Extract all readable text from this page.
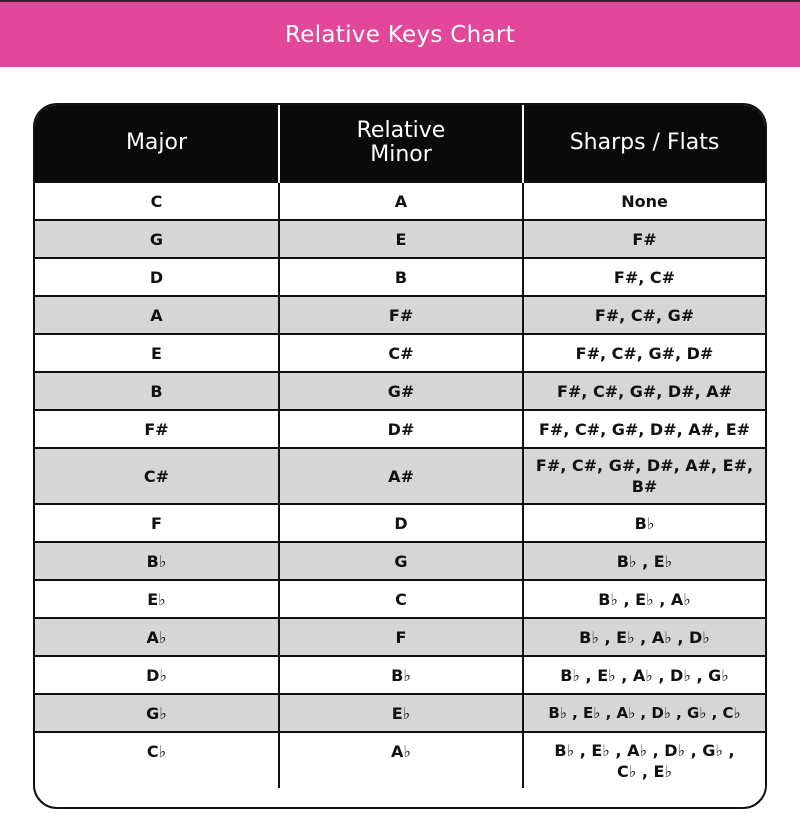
Relative Keys Chart
Major	Relative Minor	Sharps / Flats
C	A	None
G	E	F#
D	B	F#, C#
A	F#	F#, C#, G#
E	C#	F#, C#, G#, D#
B	G#	F#, C#, G#, D#, A#
F#	D#	F#, C#, G#, D#, A#, E#
C#	A#	F#, C#, G#, D#, A#, E#, B#
F	D	B♭
B♭	G	B♭ , E♭
E♭	C	B♭ , E♭ , A♭
A♭	F	B♭ , E♭ , A♭ , D♭
D♭	B♭	B♭ , E♭ , A♭ , D♭ , G♭
G♭	E♭	B♭ , E♭ , A♭ , D♭ , G♭ , C♭
C♭	A♭	B♭ , E♭ , A♭ , D♭ , G♭ , C♭ , E♭
